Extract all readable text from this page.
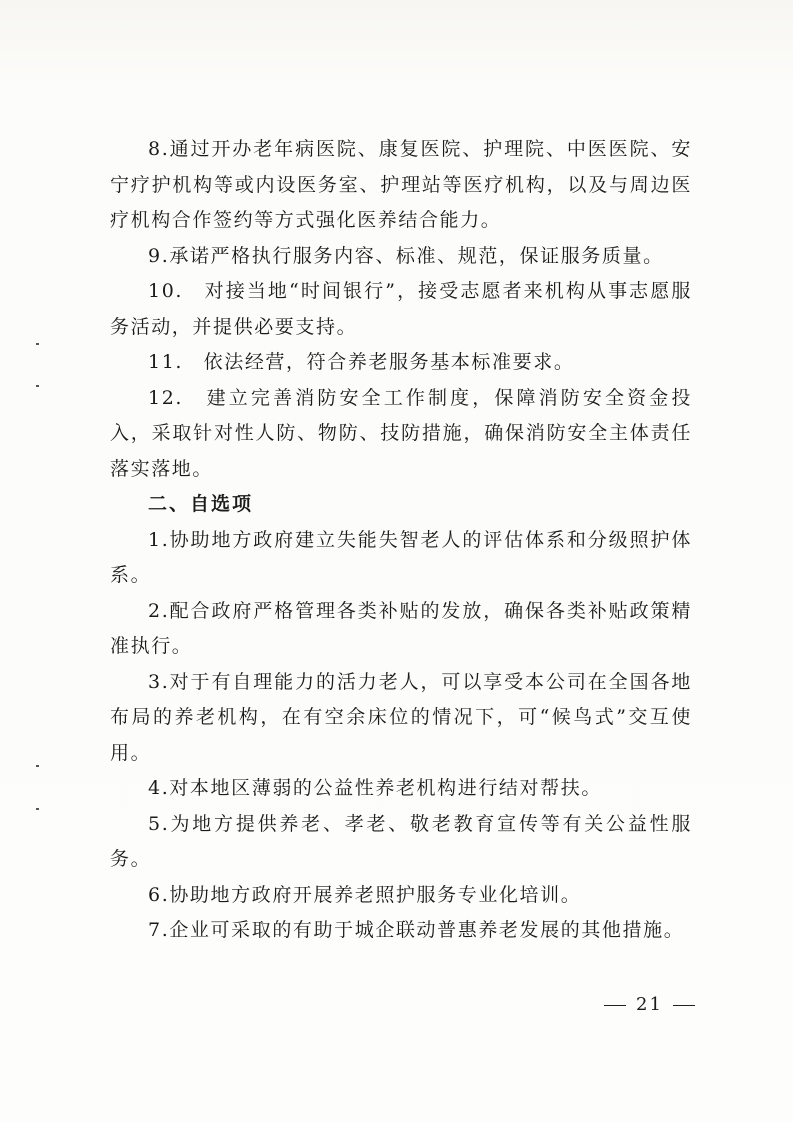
8.通过开办老年病医院、康复医院、护理院、中医医院、安宁疗护机构等或内设医务室、护理站等医疗机构，以及与周边医疗机构合作签约等方式强化医养结合能力。

9.承诺严格执行服务内容、标准、规范，保证服务质量。

10.　对接当地“时间银行”，接受志愿者来机构从事志愿服务活动，并提供必要支持。

11.　依法经营，符合养老服务基本标准要求。

12.　建立完善消防安全工作制度，保障消防安全资金投入，采取针对性人防、物防、技防措施，确保消防安全主体责任落实落地。

二、自选项

1.协助地方政府建立失能失智老人的评估体系和分级照护体系。

2.配合政府严格管理各类补贴的发放，确保各类补贴政策精准执行。

3.对于有自理能力的活力老人，可以享受本公司在全国各地布局的养老机构，在有空余床位的情况下，可“候鸟式”交互使用。

4.对本地区薄弱的公益性养老机构进行结对帮扶。

5.为地方提供养老、孝老、敬老教育宣传等有关公益性服务。

6.协助地方政府开展养老照护服务专业化培训。

7.企业可采取的有助于城企联动普惠养老发展的其他措施。

21
